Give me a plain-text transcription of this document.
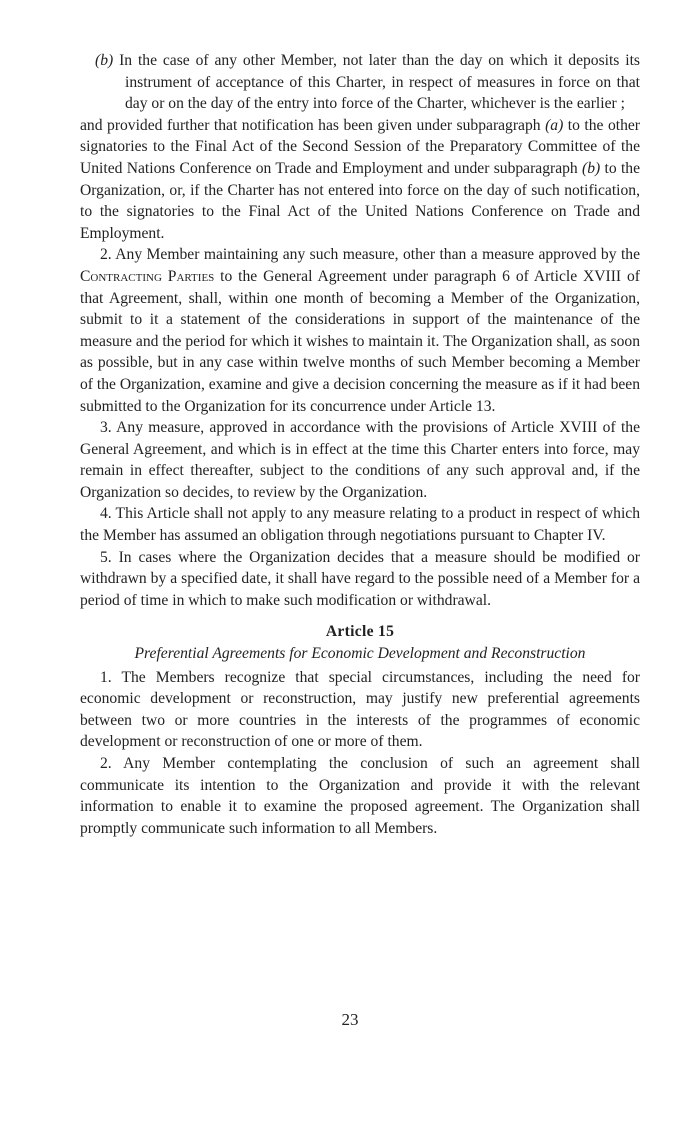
(b) In the case of any other Member, not later than the day on which it deposits its instrument of acceptance of this Charter, in respect of measures in force on that day or on the day of the entry into force of the Charter, whichever is the earlier ;

and provided further that notification has been given under subparagraph (a) to the other signatories to the Final Act of the Second Session of the Preparatory Committee of the United Nations Conference on Trade and Employment and under subparagraph (b) to the Organization, or, if the Charter has not entered into force on the day of such notification, to the signatories to the Final Act of the United Nations Conference on Trade and Employment.

2. Any Member maintaining any such measure, other than a measure approved by the Contracting Parties to the General Agreement under paragraph 6 of Article XVIII of that Agreement, shall, within one month of becoming a Member of the Organization, submit to it a statement of the considerations in support of the maintenance of the measure and the period for which it wishes to maintain it. The Organization shall, as soon as possible, but in any case within twelve months of such Member becoming a Member of the Organization, examine and give a decision concerning the measure as if it had been submitted to the Organization for its concurrence under Article 13.

3. Any measure, approved in accordance with the provisions of Article XVIII of the General Agreement, and which is in effect at the time this Charter enters into force, may remain in effect thereafter, subject to the conditions of any such approval and, if the Organization so decides, to review by the Organization.

4. This Article shall not apply to any measure relating to a product in respect of which the Member has assumed an obligation through negotiations pursuant to Chapter IV.

5. In cases where the Organization decides that a measure should be modified or withdrawn by a specified date, it shall have regard to the possible need of a Member for a period of time in which to make such modification or withdrawal.

Article 15

Preferential Agreements for Economic Development and Reconstruction

1. The Members recognize that special circumstances, including the need for economic development or reconstruction, may justify new preferential agreements between two or more countries in the interests of the programmes of economic development or reconstruction of one or more of them.

2. Any Member contemplating the conclusion of such an agreement shall communicate its intention to the Organization and provide it with the relevant information to enable it to examine the proposed agreement. The Organization shall promptly communicate such information to all Members.

23
